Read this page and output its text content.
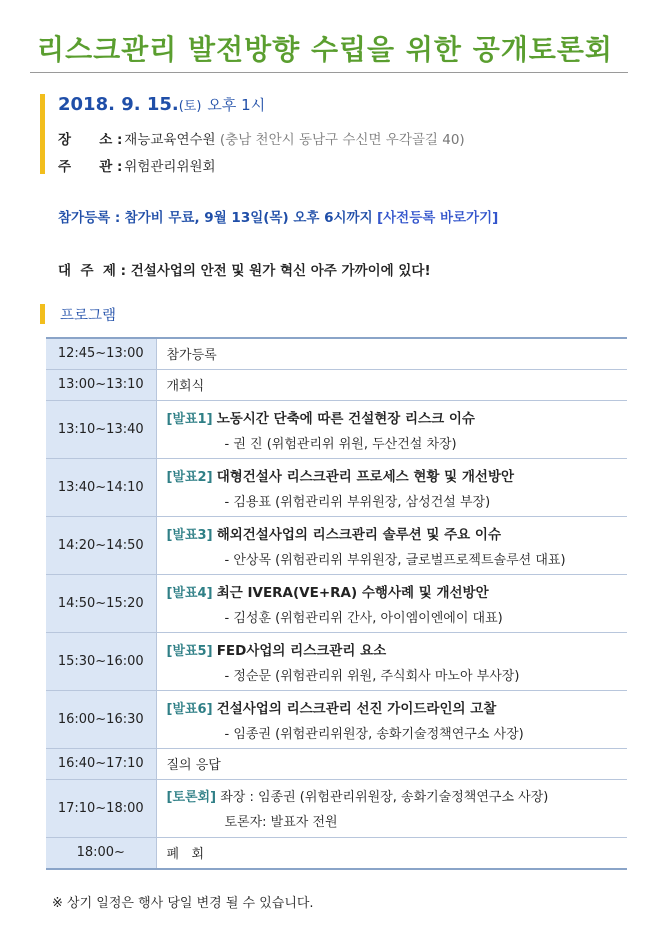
리스크관리 발전방향 수립을 위한 공개토론회
2018. 9. 15.(토) 오후 1시
장      소 : 재능교육연수원 (충남 천안시 동남구 수신면 우각골길 40)
주      관 : 위험관리위원회
참가등록 : 참가비 무료, 9월 13일(목) 오후 6시까지 [사전등록 바로가기]
대  주  제 : 건설사업의 안전 및 원가 혁신 아주 가까이에 있다!
프로그램
12:45~13:00	참가등록

13:00~13:10	개회식

13:10~13:40	[발표1] 노동시간 단축에 따른 건설현장 리스크 이슈
- 권 진 (위험관리위 위원, 두산건설 차장)

13:40~14:10	[발표2] 대형건설사 리스크관리 프로세스 현황 및 개선방안
- 김용표 (위험관리위 부위원장, 삼성건설 부장)

14:20~14:50	[발표3] 해외건설사업의 리스크관리 솔루션 및 주요 이슈
- 안상목 (위험관리위 부위원장, 글로벌프로젝트솔루션 대표)

14:50~15:20	[발표4] 최근 IVERA(VE+RA) 수행사례 및 개선방안
- 김성훈 (위험관리위 간사, 아이엠이엔에이 대표)

15:30~16:00	[발표5] FED사업의 리스크관리 요소
- 정순문 (위험관리위 위원, 주식회사 마노아 부사장)

16:00~16:30	[발표6] 건설사업의 리스크관리 선진 가이드라인의 고찰
- 임종권 (위험관리위원장, 송화기술정책연구소 사장)

16:40~17:10	질의 응답

17:10~18:00	[토론회] 좌장 : 임종권 (위험관리위원장, 송화기술정책연구소 사장)
토론자: 발표자 전원

18:00~	폐   회
※ 상기 일정은 행사 당일 변경 될 수 있습니다.
